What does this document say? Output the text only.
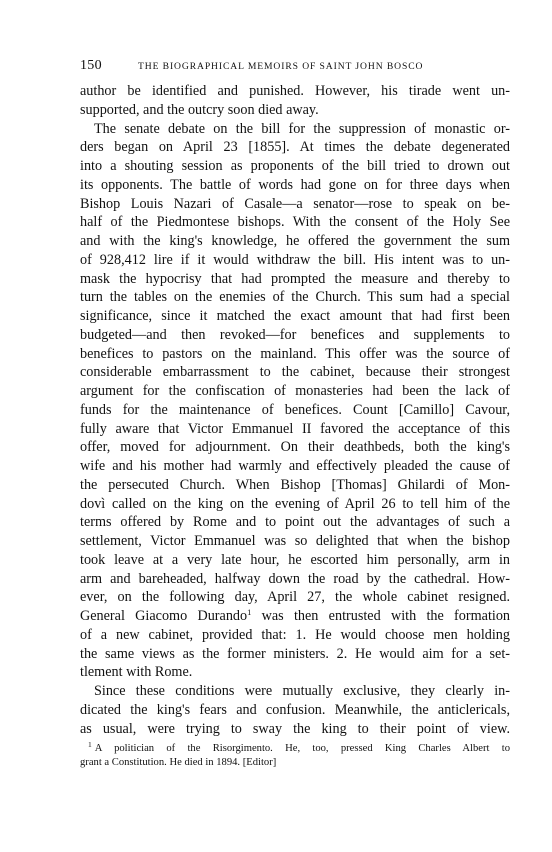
150	THE BIOGRAPHICAL MEMOIRS OF SAINT JOHN BOSCO
author be identified and punished. However, his tirade went un-
supported, and the outcry soon died away.
The senate debate on the bill for the suppression of monastic or-
ders began on April 23 [1855]. At times the debate degenerated
into a shouting session as proponents of the bill tried to drown out
its opponents. The battle of words had gone on for three days when
Bishop Louis Nazari of Casale—a senator—rose to speak on be-
half of the Piedmontese bishops. With the consent of the Holy See
and with the king's knowledge, he offered the government the sum
of 928,412 lire if it would withdraw the bill. His intent was to un-
mask the hypocrisy that had prompted the measure and thereby to
turn the tables on the enemies of the Church. This sum had a special
significance, since it matched the exact amount that had first been
budgeted—and then revoked—for benefices and supplements to
benefices to pastors on the mainland. This offer was the source of
considerable embarrassment to the cabinet, because their strongest
argument for the confiscation of monasteries had been the lack of
funds for the maintenance of benefices. Count [Camillo] Cavour,
fully aware that Victor Emmanuel II favored the acceptance of this
offer, moved for adjournment. On their deathbeds, both the king's
wife and his mother had warmly and effectively pleaded the cause of
the persecuted Church. When Bishop [Thomas] Ghilardi of Mon-
dovì called on the king on the evening of April 26 to tell him of the
terms offered by Rome and to point out the advantages of such a
settlement, Victor Emmanuel was so delighted that when the bishop
took leave at a very late hour, he escorted him personally, arm in
arm and bareheaded, halfway down the road by the cathedral. How-
ever, on the following day, April 27, the whole cabinet resigned.
General Giacomo Durando$^1$ was then entrusted with the formation
of a new cabinet, provided that: 1. He would choose men holding
the same views as the former ministers. 2. He would aim for a set-
tlement with Rome.
Since these conditions were mutually exclusive, they clearly in-
dicated the king's fears and confusion. Meanwhile, the anticlericals,
as usual, were trying to sway the king to their point of view.
$^1$ A politician of the Risorgimento. He, too, pressed King Charles Albert to
grant a Constitution. He died in 1894. [Editor]
